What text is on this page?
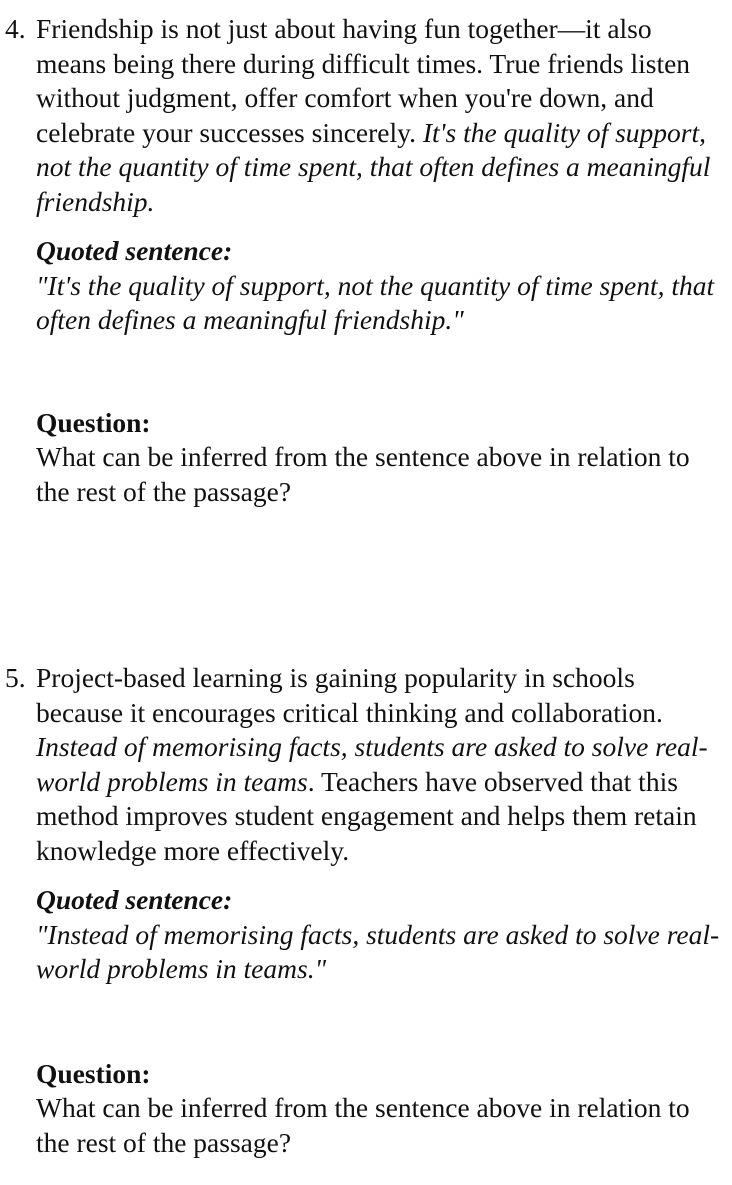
4. Friendship is not just about having fun together—it also means being there during difficult times. True friends listen without judgment, offer comfort when you're down, and celebrate your successes sincerely. It's the quality of support, not the quantity of time spent, that often defines a meaningful friendship.

Quoted sentence:
"It's the quality of support, not the quantity of time spent, that often defines a meaningful friendship."
Question:
What can be inferred from the sentence above in relation to the rest of the passage?

5. Project-based learning is gaining popularity in schools because it encourages critical thinking and collaboration. Instead of memorising facts, students are asked to solve real-world problems in teams. Teachers have observed that this method improves student engagement and helps them retain knowledge more effectively.

Quoted sentence:
"Instead of memorising facts, students are asked to solve real-world problems in teams."
Question:
What can be inferred from the sentence above in relation to the rest of the passage?
